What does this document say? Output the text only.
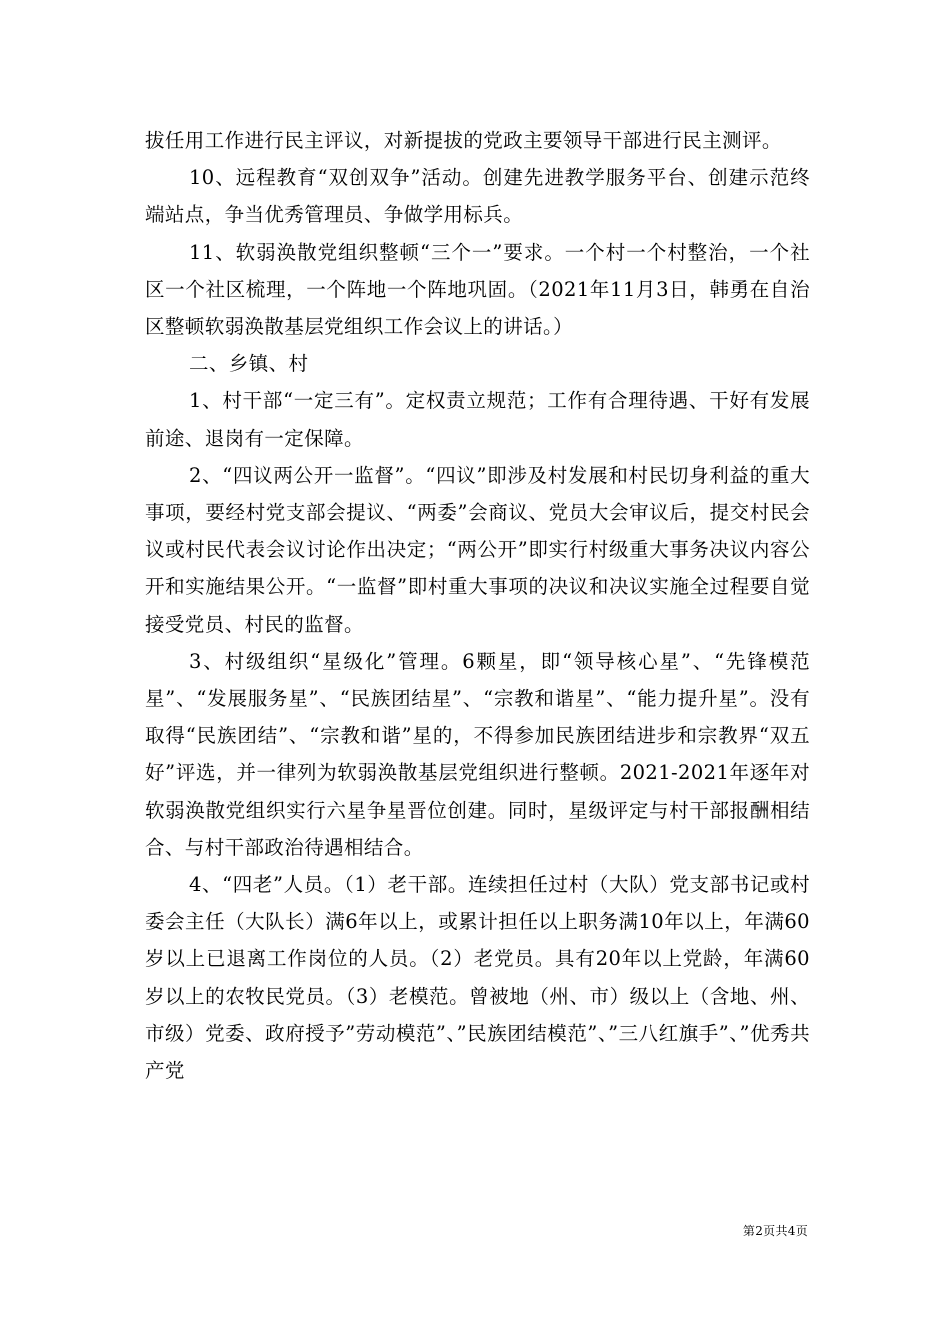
拔任用工作进行民主评议，对新提拔的党政主要领导干部进行民主测评。

10、远程教育“双创双争”活动。创建先进教学服务平台、创建示范终端站点，争当优秀管理员、争做学用标兵。

11、软弱涣散党组织整顿“三个一”要求。一个村一个村整治，一个社区一个社区梳理，一个阵地一个阵地巩固。（2021年11月3日，韩勇在自治区整顿软弱涣散基层党组织工作会议上的讲话。）

二、乡镇、村

1、村干部“一定三有”。定权责立规范；工作有合理待遇、干好有发展前途、退岗有一定保障。

2、“四议两公开一监督”。“四议”即涉及村发展和村民切身利益的重大事项，要经村党支部会提议、“两委”会商议、党员大会审议后，提交村民会议或村民代表会议讨论作出决定；“两公开”即实行村级重大事务决议内容公开和实施结果公开。“一监督”即村重大事项的决议和决议实施全过程要自觉接受党员、村民的监督。

3、村级组织“星级化”管理。6颗星，即“领导核心星”、“先锋模范星”、“发展服务星”、“民族团结星”、“宗教和谐星”、“能力提升星”。没有取得“民族团结”、“宗教和谐”星的，不得参加民族团结进步和宗教界“双五好”评选，并一律列为软弱涣散基层党组织进行整顿。2021-2021年逐年对软弱涣散党组织实行六星争星晋位创建。同时，星级评定与村干部报酬相结合、与村干部政治待遇相结合。

4、“四老”人员。（1）老干部。连续担任过村（大队）党支部书记或村委会主任（大队长）满6年以上，或累计担任以上职务满10年以上，年满60岁以上已退离工作岗位的人员。（2）老党员。具有20年以上党龄，年满60岁以上的农牧民党员。（3）老模范。曾被地（州、市）级以上（含地、州、市级）党委、政府授予”劳动模范”、”民族团结模范”、”三八红旗手”、”优秀共产党

第2页共4页
